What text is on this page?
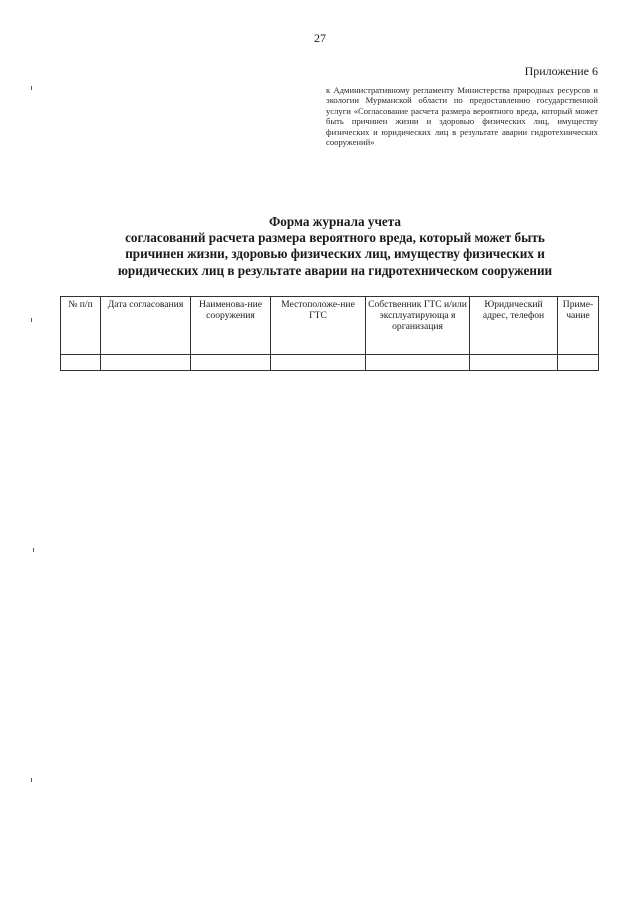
27
Приложение 6
к Административному регламенту Министерства природных ресурсов и экологии Мурманской области по предоставлению государственной услуги «Согласование расчета размера вероятного вреда, который может быть причинен жизни и здоровью физических лиц, имуществу физических и юридических лиц в результате аварии гидротехнических сооружений»
Форма журнала учета
согласований расчета размера вероятного вреда, который может быть
причинен жизни, здоровью физических лиц, имуществу физических и
юридических лиц в результате аварии на гидротехническом сооружении
№ п/п	Дата согласования	Наименова-ние сооружения	Местоположе-ние ГТС	Собственник ГТС и/или эксплуатирующа я организация	Юридический адрес, телефон	Приме-чание
